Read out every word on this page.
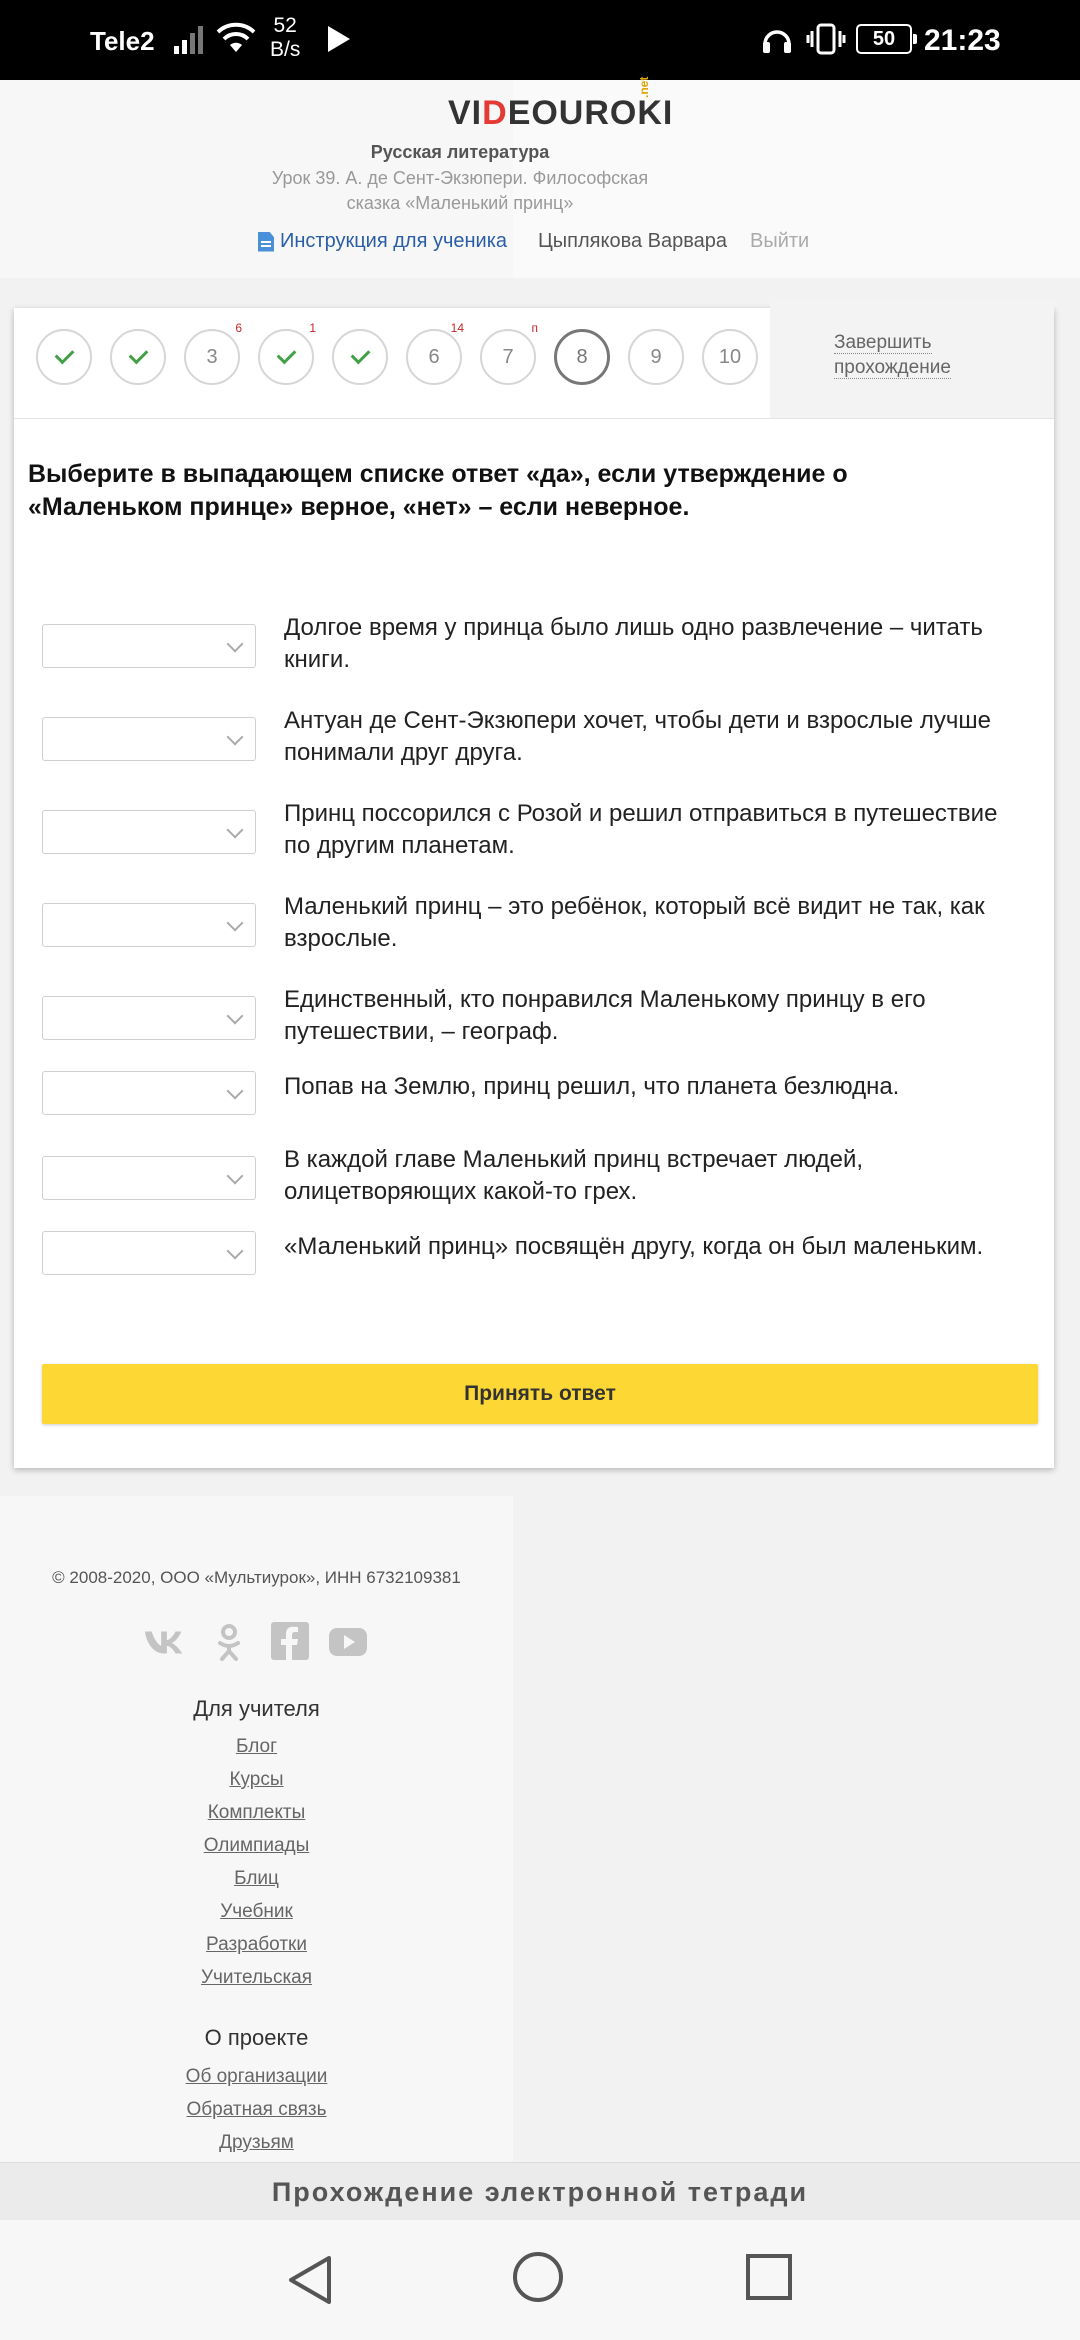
Tele2
52
B/s	50 21:23
VIDEOUROKI
.net
Русская литература
Урок 39. А. де Сент-Экзюпери. Философская сказка «Маленький принц»
Инструкция для ученика Цыплякова Варвара Выйти
3
6	1
6
14
7
п
8	9	10
Завершить прохождение
Выберите в выпадающем списке ответ «да», если утверждение о «Маленьком принце» верное, «нет» – если неверное.
Долгое время у принца было лишь одно развлечение – читать книги.
Антуан де Сент-Экзюпери хочет, чтобы дети и взрослые лучше понимали друг друга.
Принц поссорился с Розой и решил отправиться в путешествие по другим планетам.
Маленький принц – это ребёнок, который всё видит не так, как взрослые.
Единственный, кто понравился Маленькому принцу в его путешествии, – географ.
Попав на Землю, принц решил, что планета безлюдна.
В каждой главе Маленький принц встречает людей, олицетворяющих какой-то грех.
«Маленький принц» посвящён другу, когда он был маленьким.
Принять ответ
© 2008-2020, ООО «Мультиурок», ИНН 6732109381
Для учителя
Блог
Курсы
Комплекты
Олимпиады
Блиц
Учебник
Разработки
Учительская
О проекте
Об организации
Обратная связь
Друзьям
Прохождение электронной тетради
